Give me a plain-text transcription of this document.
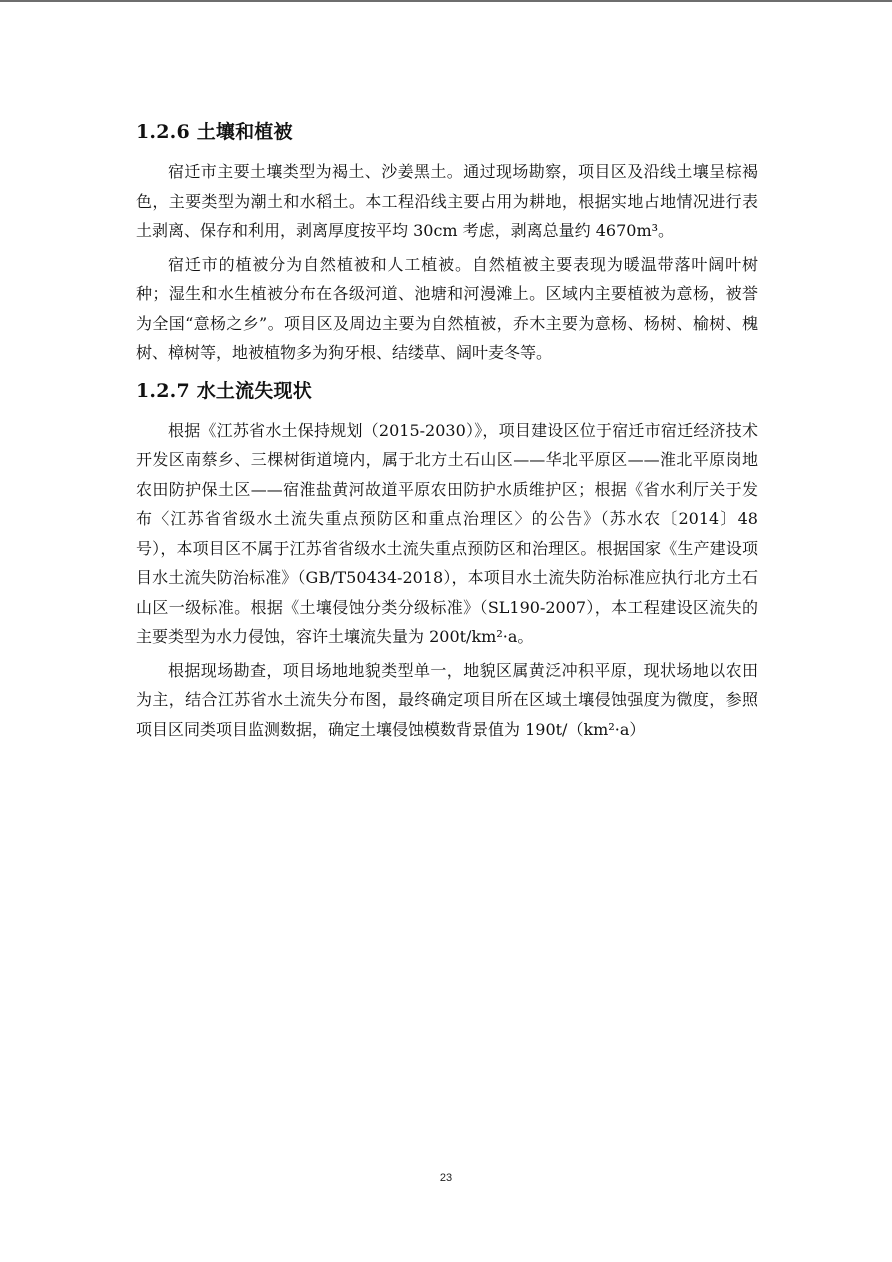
1.2.6 土壤和植被

宿迁市主要土壤类型为褐土、沙姜黑土。通过现场勘察，项目区及沿线土壤呈棕褐色，主要类型为潮土和水稻土。本工程沿线主要占用为耕地，根据实地占地情况进行表土剥离、保存和利用，剥离厚度按平均 30cm 考虑，剥离总量约 4670m³。

宿迁市的植被分为自然植被和人工植被。自然植被主要表现为暖温带落叶阔叶树种；湿生和水生植被分布在各级河道、池塘和河漫滩上。区域内主要植被为意杨，被誉为全国“意杨之乡”。项目区及周边主要为自然植被，乔木主要为意杨、杨树、榆树、槐树、樟树等，地被植物多为狗牙根、结缕草、阔叶麦冬等。

1.2.7 水土流失现状

根据《江苏省水土保持规划（2015-2030）》，项目建设区位于宿迁市宿迁经济技术开发区南蔡乡、三棵树街道境内，属于北方土石山区——华北平原区——淮北平原岗地农田防护保土区——宿淮盐黄河故道平原农田防护水质维护区；根据《省水利厅关于发布〈江苏省省级水土流失重点预防区和重点治理区〉的公告》（苏水农〔2014〕48 号），本项目区不属于江苏省省级水土流失重点预防区和治理区。根据国家《生产建设项目水土流失防治标准》（GB/T50434-2018），本项目水土流失防治标准应执行北方土石山区一级标准。根据《土壤侵蚀分类分级标准》（SL190-2007），本工程建设区流失的主要类型为水力侵蚀，容许土壤流失量为 200t/km²·a。

根据现场勘查，项目场地地貌类型单一，地貌区属黄泛冲积平原，现状场地以农田为主，结合江苏省水土流失分布图，最终确定项目所在区域土壤侵蚀强度为微度，参照项目区同类项目监测数据，确定土壤侵蚀模数背景值为 190t/（km²·a）

23
